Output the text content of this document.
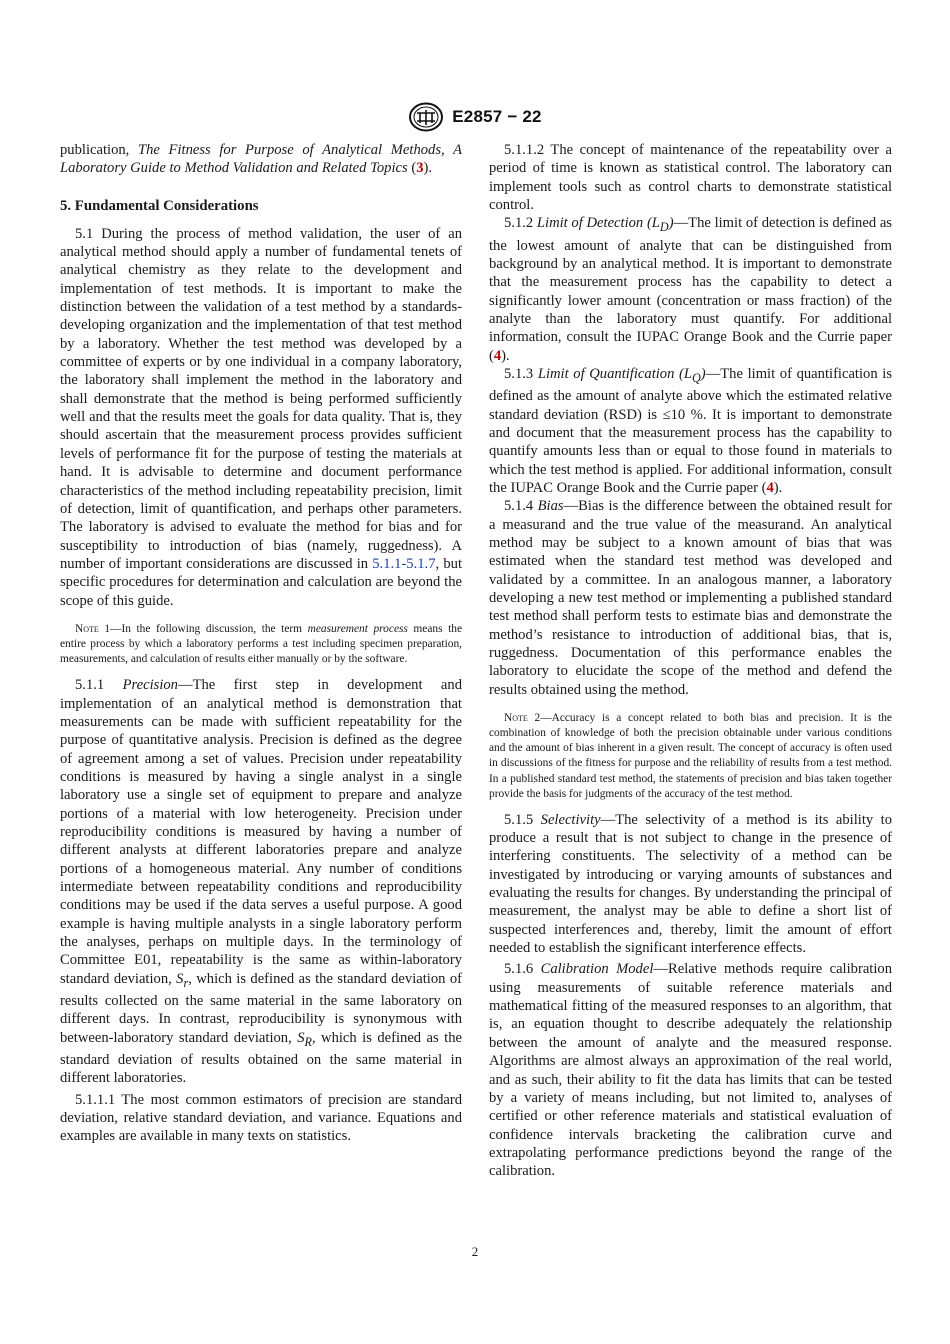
E2857 − 22

publication, The Fitness for Purpose of Analytical Methods, A Laboratory Guide to Method Validation and Related Topics (3).

5. Fundamental Considerations

5.1 During the process of method validation, the user of an analytical method should apply a number of fundamental tenets of analytical chemistry as they relate to the development and implementation of test methods. It is important to make the distinction between the validation of a test method by a standards-developing organization and the implementation of that test method by a laboratory. Whether the test method was developed by a committee of experts or by one individual in a company laboratory, the laboratory shall implement the method in the laboratory and shall demonstrate that the method is being performed sufficiently well and that the results meet the goals for data quality. That is, they should ascertain that the measurement process provides sufficient levels of performance fit for the purpose of testing the materials at hand. It is advisable to determine and document performance characteristics of the method including repeatability precision, limit of detection, limit of quantification, and perhaps other parameters. The laboratory is advised to evaluate the method for bias and for susceptibility to introduction of bias (namely, ruggedness). A number of important considerations are discussed in 5.1.1-5.1.7, but specific procedures for determination and calculation are beyond the scope of this guide.

Note 1—In the following discussion, the term measurement process means the entire process by which a laboratory performs a test including specimen preparation, measurements, and calculation of results either manually or by the software.

5.1.1 Precision—The first step in development and implementation of an analytical method is demonstration that measurements can be made with sufficient repeatability for the purpose of quantitative analysis. Precision is defined as the degree of agreement among a set of values. Precision under repeatability conditions is measured by having a single analyst in a single laboratory use a single set of equipment to prepare and analyze portions of a material with low heterogeneity. Precision under reproducibility conditions is measured by having a number of different analysts at different laboratories prepare and analyze portions of a homogeneous material. Any number of conditions intermediate between repeatability conditions and reproducibility conditions may be used if the data serves a useful purpose. A good example is having multiple analysts in a single laboratory perform the analyses, perhaps on multiple days. In the terminology of Committee E01, repeatability is the same as within-laboratory standard deviation, $S_r$, which is defined as the standard deviation of results collected on the same material in the same laboratory on different days. In contrast, reproducibility is synonymous with between-laboratory standard deviation, $S_R$, which is defined as the standard deviation of results obtained on the same material in different laboratories.

5.1.1.1 The most common estimators of precision are standard deviation, relative standard deviation, and variance. Equations and examples are available in many texts on statistics.

5.1.1.2 The concept of maintenance of the repeatability over a period of time is known as statistical control. The laboratory can implement tools such as control charts to demonstrate statistical control.

5.1.2 Limit of Detection $(L_D)—The$ limit of detection is defined as the lowest amount of analyte that can be distinguished from background by an analytical method. It is important to demonstrate that the measurement process has the capability to detect a significantly lower amount (concentration or mass fraction) of the analyte than the laboratory must quantify. For additional information, consult the IUPAC Orange Book and the Currie paper (4).

5.1.3 Limit of Quantification $(L_Q)—The$ limit of quantification is defined as the amount of analyte above which the estimated relative standard deviation (RSD) is ≤10 %. It is important to demonstrate and document that the measurement process has the capability to quantify amounts less than or equal to those found in materials to which the test method is applied. For additional information, consult the IUPAC Orange Book and the Currie paper (4).

5.1.4 Bias—Bias is the difference between the obtained result for a measurand and the true value of the measurand. An analytical method may be subject to a known amount of bias that was estimated when the standard test method was developed and validated by a committee. In an analogous manner, a laboratory developing a new test method or implementing a published standard test method shall perform tests to estimate bias and demonstrate the method’s resistance to introduction of additional bias, that is, ruggedness. Documentation of this performance enables the laboratory to elucidate the scope of the method and defend the results obtained using the method.

Note 2—Accuracy is a concept related to both bias and precision. It is the combination of knowledge of both the precision obtainable under various conditions and the amount of bias inherent in a given result. The concept of accuracy is often used in discussions of the fitness for purpose and the reliability of results from a test method. In a published standard test method, the statements of precision and bias taken together provide the basis for judgments of the accuracy of the test method.

5.1.5 Selectivity—The selectivity of a method is its ability to produce a result that is not subject to change in the presence of interfering constituents. The selectivity of a method can be investigated by introducing or varying amounts of substances and evaluating the results for changes. By understanding the principal of measurement, the analyst may be able to define a short list of suspected interferences and, thereby, limit the amount of effort needed to establish the significant interference effects.

5.1.6 Calibration Model—Relative methods require calibration using measurements of suitable reference materials and mathematical fitting of the measured responses to an algorithm, that is, an equation thought to describe adequately the relationship between the amount of analyte and the measured response. Algorithms are almost always an approximation of the real world, and as such, their ability to fit the data has limits that can be tested by a variety of means including, but not limited to, analyses of certified or other reference materials and statistical evaluation of confidence intervals bracketing the calibration curve and extrapolating performance predictions beyond the range of the calibration.

2
